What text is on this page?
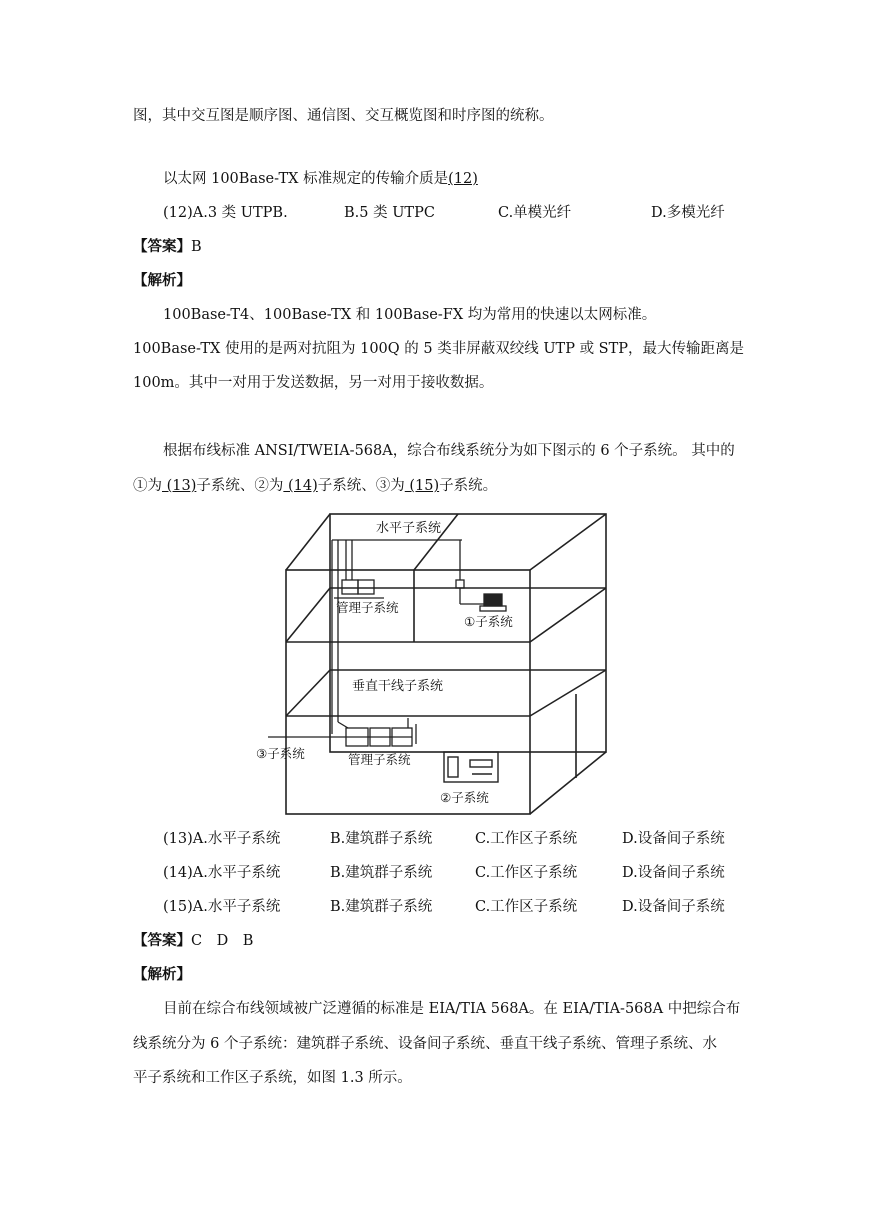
图，其中交互图是顺序图、通信图、交互概览图和时序图的统称。
以太网 100Base-TX 标准规定的传输介质是(12)
(12)A.3 类 UTPB.	B.5 类 UTPC	C.单模光纤	D.多模光纤
【答案】B
【解析】
100Base-T4、100Base-TX 和 100Base-FX 均为常用的快速以太网标准。
100Base-TX 使用的是两对抗阻为 100Q 的 5 类非屏蔽双绞线 UTP 或 STP，最大传输距离是
100m。其中一对用于发送数据，另一对用于接收数据。
根据布线标准 ANSI/TWEIA-568A，综合布线系统分为如下图示的 6 个子系统。 其中的
①为 (13)子系统、②为 (14)子系统、③为 (15)子系统。
水平子系统
管理子系统
①子系统
垂直干线子系统
③子系统	管理子系统
②子系统
(13)A.水平子系统	B.建筑群子系统	C.工作区子系统	D.设备间子系统
(14)A.水平子系统	B.建筑群子系统	C.工作区子系统	D.设备间子系统
(15)A.水平子系统	B.建筑群子系统	C.工作区子系统	D.设备间子系统
【答案】C　D　B
【解析】
目前在综合布线领域被广泛遵循的标准是 EIA/TIA 568A。在 EIA/TIA-568A 中把综合布
线系统分为 6 个子系统：建筑群子系统、设备间子系统、垂直干线子系统、管理子系统、水
平子系统和工作区子系统，如图 1.3 所示。
